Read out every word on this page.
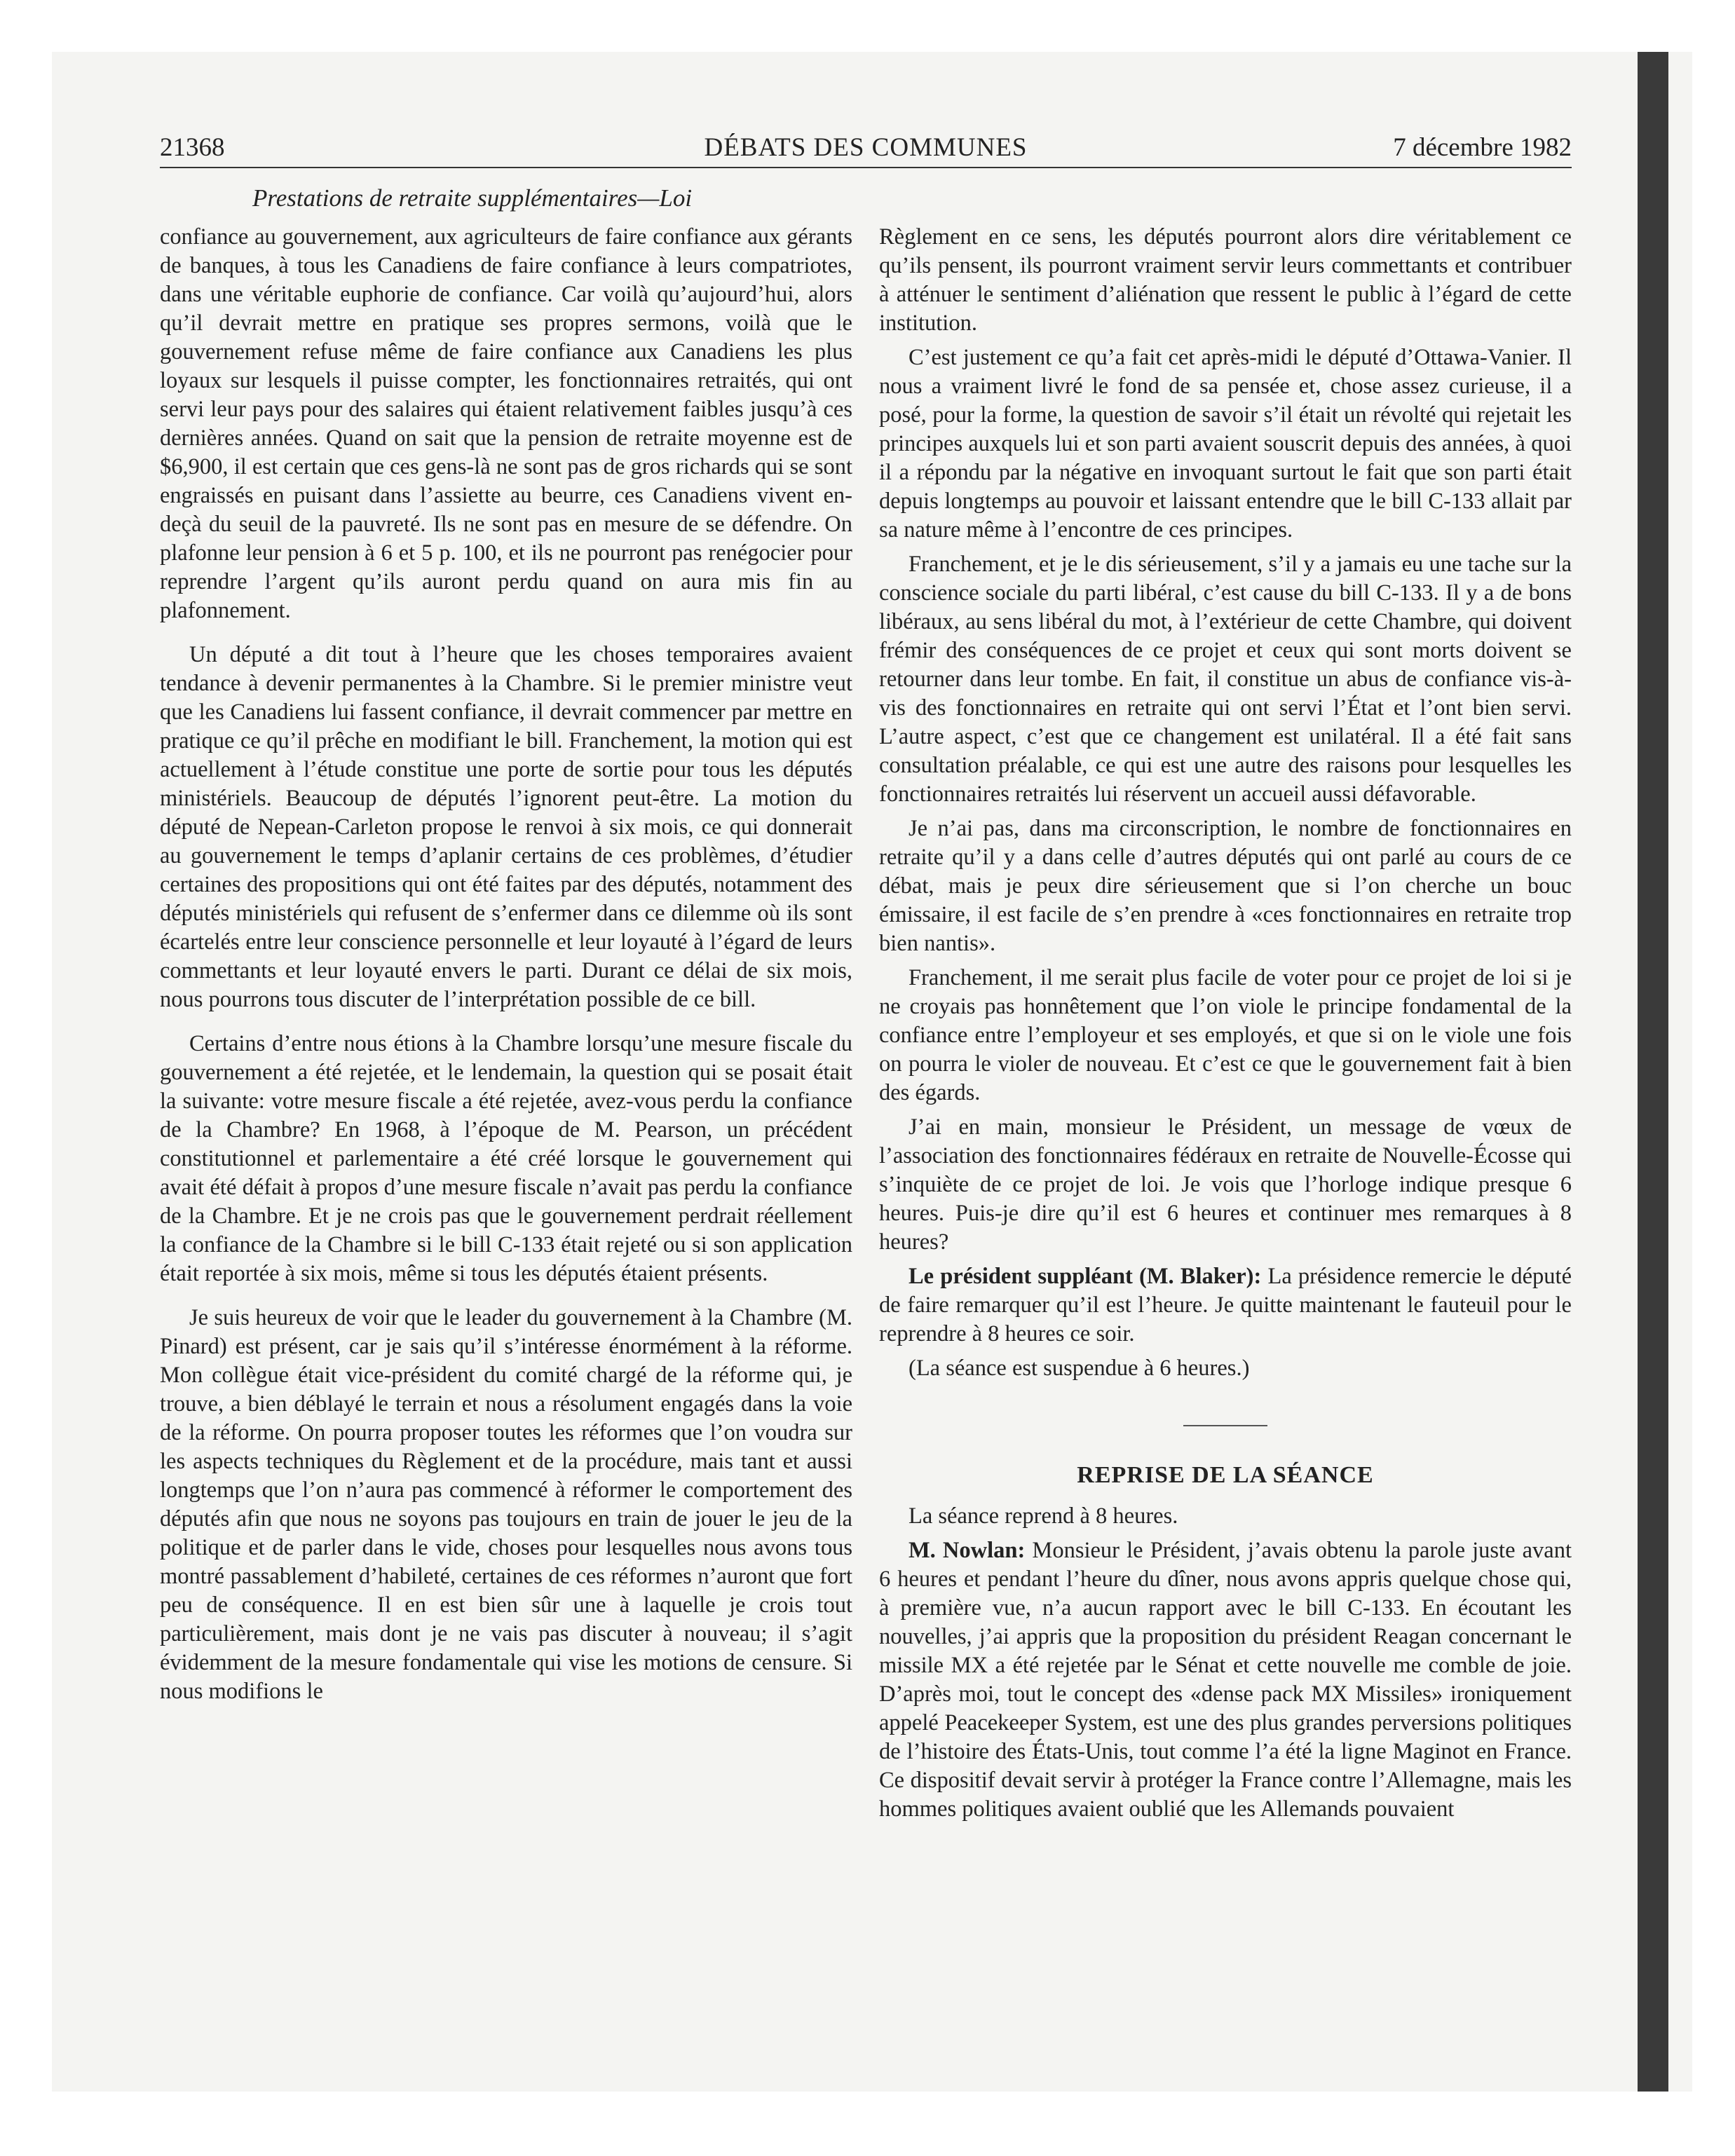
21368	DÉBATS DES COMMUNES	7 décembre 1982
Prestations de retraite supplémentaires—Loi

confiance au gouvernement, aux agriculteurs de faire confiance aux gérants de banques, à tous les Canadiens de faire confiance à leurs compatriotes, dans une véritable euphorie de confiance. Car voilà qu’aujourd’hui, alors qu’il devrait mettre en pratique ses propres sermons, voilà que le gouvernement refuse même de faire confiance aux Canadiens les plus loyaux sur lesquels il puisse compter, les fonctionnaires retraités, qui ont servi leur pays pour des salaires qui étaient relativement faibles jusqu’à ces dernières années. Quand on sait que la pension de retraite moyenne est de $6,900, il est certain que ces gens-là ne sont pas de gros richards qui se sont engraissés en puisant dans l’assiette au beurre, ces Canadiens vivent en-deçà du seuil de la pauvreté. Ils ne sont pas en mesure de se défendre. On plafonne leur pension à 6 et 5 p. 100, et ils ne pourront pas renégocier pour reprendre l’argent qu’ils auront perdu quand on aura mis fin au plafonnement.

Un député a dit tout à l’heure que les choses temporaires avaient tendance à devenir permanentes à la Chambre. Si le premier ministre veut que les Canadiens lui fassent confiance, il devrait commencer par mettre en pratique ce qu’il prêche en modifiant le bill. Franchement, la motion qui est actuellement à l’étude constitue une porte de sortie pour tous les députés ministériels. Beaucoup de députés l’ignorent peut-être. La motion du député de Nepean-Carleton propose le renvoi à six mois, ce qui donnerait au gouvernement le temps d’aplanir certains de ces problèmes, d’étudier certaines des propositions qui ont été faites par des députés, notamment des députés ministériels qui refusent de s’enfermer dans ce dilemme où ils sont écartelés entre leur conscience personnelle et leur loyauté à l’égard de leurs commettants et leur loyauté envers le parti. Durant ce délai de six mois, nous pourrons tous discuter de l’interprétation possible de ce bill.

Certains d’entre nous étions à la Chambre lorsqu’une mesure fiscale du gouvernement a été rejetée, et le lendemain, la question qui se posait était la suivante: votre mesure fiscale a été rejetée, avez-vous perdu la confiance de la Chambre? En 1968, à l’époque de M. Pearson, un précédent constitutionnel et parlementaire a été créé lorsque le gouvernement qui avait été défait à propos d’une mesure fiscale n’avait pas perdu la confiance de la Chambre. Et je ne crois pas que le gouvernement perdrait réellement la confiance de la Chambre si le bill C-133 était rejeté ou si son application était reportée à six mois, même si tous les députés étaient présents.

Je suis heureux de voir que le leader du gouvernement à la Chambre (M. Pinard) est présent, car je sais qu’il s’intéresse énormément à la réforme. Mon collègue était vice-président du comité chargé de la réforme qui, je trouve, a bien déblayé le terrain et nous a résolument engagés dans la voie de la réforme. On pourra proposer toutes les réformes que l’on voudra sur les aspects techniques du Règlement et de la procédure, mais tant et aussi longtemps que l’on n’aura pas commencé à réformer le comportement des députés afin que nous ne soyons pas toujours en train de jouer le jeu de la politique et de parler dans le vide, choses pour lesquelles nous avons tous montré passablement d’habileté, certaines de ces réformes n’auront que fort peu de conséquence. Il en est bien sûr une à laquelle je crois tout particulièrement, mais dont je ne vais pas discuter à nouveau; il s’agit évidemment de la mesure fondamentale qui vise les motions de censure. Si nous modifions le

Règlement en ce sens, les députés pourront alors dire véritablement ce qu’ils pensent, ils pourront vraiment servir leurs commettants et contribuer à atténuer le sentiment d’aliénation que ressent le public à l’égard de cette institution.

C’est justement ce qu’a fait cet après-midi le député d’Ottawa-Vanier. Il nous a vraiment livré le fond de sa pensée et, chose assez curieuse, il a posé, pour la forme, la question de savoir s’il était un révolté qui rejetait les principes auxquels lui et son parti avaient souscrit depuis des années, à quoi il a répondu par la négative en invoquant surtout le fait que son parti était depuis longtemps au pouvoir et laissant entendre que le bill C-133 allait par sa nature même à l’encontre de ces principes.

Franchement, et je le dis sérieusement, s’il y a jamais eu une tache sur la conscience sociale du parti libéral, c’est cause du bill C-133. Il y a de bons libéraux, au sens libéral du mot, à l’extérieur de cette Chambre, qui doivent frémir des conséquences de ce projet et ceux qui sont morts doivent se retourner dans leur tombe. En fait, il constitue un abus de confiance vis-à-vis des fonctionnaires en retraite qui ont servi l’État et l’ont bien servi. L’autre aspect, c’est que ce changement est unilatéral. Il a été fait sans consultation préalable, ce qui est une autre des raisons pour lesquelles les fonctionnaires retraités lui réservent un accueil aussi défavorable.

Je n’ai pas, dans ma circonscription, le nombre de fonctionnaires en retraite qu’il y a dans celle d’autres députés qui ont parlé au cours de ce débat, mais je peux dire sérieusement que si l’on cherche un bouc émissaire, il est facile de s’en prendre à «ces fonctionnaires en retraite trop bien nantis».

Franchement, il me serait plus facile de voter pour ce projet de loi si je ne croyais pas honnêtement que l’on viole le principe fondamental de la confiance entre l’employeur et ses employés, et que si on le viole une fois on pourra le violer de nouveau. Et c’est ce que le gouvernement fait à bien des égards.

J’ai en main, monsieur le Président, un message de vœux de l’association des fonctionnaires fédéraux en retraite de Nouvelle-Écosse qui s’inquiète de ce projet de loi. Je vois que l’horloge indique presque 6 heures. Puis-je dire qu’il est 6 heures et continuer mes remarques à 8 heures?

Le président suppléant (M. Blaker): La présidence remercie le député de faire remarquer qu’il est l’heure. Je quitte maintenant le fauteuil pour le reprendre à 8 heures ce soir.

(La séance est suspendue à 6 heures.)

REPRISE DE LA SÉANCE

La séance reprend à 8 heures.

M. Nowlan: Monsieur le Président, j’avais obtenu la parole juste avant 6 heures et pendant l’heure du dîner, nous avons appris quelque chose qui, à première vue, n’a aucun rapport avec le bill C-133. En écoutant les nouvelles, j’ai appris que la proposition du président Reagan concernant le missile MX a été rejetée par le Sénat et cette nouvelle me comble de joie. D’après moi, tout le concept des «dense pack MX Missiles» ironiquement appelé Peacekeeper System, est une des plus grandes perversions politiques de l’histoire des États-Unis, tout comme l’a été la ligne Maginot en France. Ce dispositif devait servir à protéger la France contre l’Allemagne, mais les hommes politiques avaient oublié que les Allemands pouvaient
